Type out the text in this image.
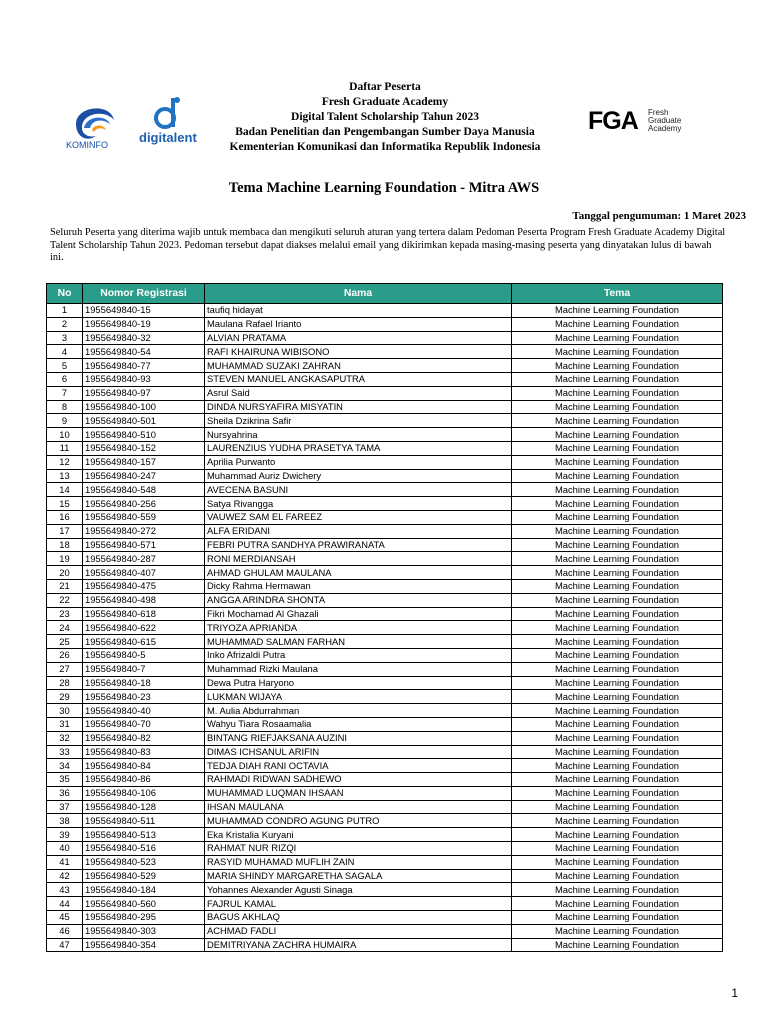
KOMINFO digitalent
Daftar Peserta
Fresh Graduate Academy
Digital Talent Scholarship Tahun 2023
Badan Penelitian dan Pengembangan Sumber Daya Manusia
Kementerian Komunikasi dan Informatika Republik Indonesia
FGA Fresh
Graduate
Academy
Tema Machine Learning Foundation - Mitra AWS
Tanggal pengumuman: 1 Maret 2023
Seluruh Peserta yang diterima wajib untuk membaca dan mengikuti seluruh aturan yang tertera dalam Pedoman Peserta Program Fresh Graduate Academy Digital Talent Scholarship Tahun 2023. Pedoman tersebut dapat diakses melalui email yang dikirimkan kepada masing-masing peserta yang dinyatakan lulus di bawah ini.
No	Nomor Registrasi	Nama	Tema
1	1955649840-15	taufiq hidayat	Machine Learning Foundation
2	1955649840-19	Maulana Rafael Irianto	Machine Learning Foundation
3	1955649840-32	ALVIAN PRATAMA	Machine Learning Foundation
4	1955649840-54	RAFI KHAIRUNA WIBISONO	Machine Learning Foundation
5	1955649840-77	MUHAMMAD SUZAKI ZAHRAN	Machine Learning Foundation
6	1955649840-93	STEVEN MANUEL ANGKASAPUTRA	Machine Learning Foundation
7	1955649840-97	Asrul Said	Machine Learning Foundation
8	1955649840-100	DINDA NURSYAFIRA MISYATIN	Machine Learning Foundation
9	1955649840-501	Sheila Dzikrina Safir	Machine Learning Foundation
10	1955649840-510	Nursyahrina	Machine Learning Foundation
11	1955649840-152	LAURENZIUS YUDHA PRASETYA TAMA	Machine Learning Foundation
12	1955649840-157	Aprilia Purwanto	Machine Learning Foundation
13	1955649840-247	Muhammad Auriz Dwichery	Machine Learning Foundation
14	1955649840-548	AVECENA BASUNI	Machine Learning Foundation
15	1955649840-256	Satya Rivangga	Machine Learning Foundation
16	1955649840-559	VAUWEZ SAM EL FAREEZ	Machine Learning Foundation
17	1955649840-272	ALFA ERIDANI	Machine Learning Foundation
18	1955649840-571	FEBRI PUTRA SANDHYA PRAWIRANATA	Machine Learning Foundation
19	1955649840-287	RONI MERDIANSAH	Machine Learning Foundation
20	1955649840-407	AHMAD GHULAM MAULANA	Machine Learning Foundation
21	1955649840-475	Dicky Rahma Hermawan	Machine Learning Foundation
22	1955649840-498	ANGGA ARINDRA SHONTA	Machine Learning Foundation
23	1955649840-618	Fikri Mochamad Al Ghazali	Machine Learning Foundation
24	1955649840-622	TRIYOZA APRIANDA	Machine Learning Foundation
25	1955649840-615	MUHAMMAD SALMAN FARHAN	Machine Learning Foundation
26	1955649840-5	Inko Afrizaldi Putra	Machine Learning Foundation
27	1955649840-7	Muhammad Rizki Maulana	Machine Learning Foundation
28	1955649840-18	Dewa Putra Haryono	Machine Learning Foundation
29	1955649840-23	LUKMAN WIJAYA	Machine Learning Foundation
30	1955649840-40	M. Aulia Abdurrahman	Machine Learning Foundation
31	1955649840-70	Wahyu Tiara Rosaamalia	Machine Learning Foundation
32	1955649840-82	BINTANG RIEFJAKSANA AUZINI	Machine Learning Foundation
33	1955649840-83	DIMAS ICHSANUL ARIFIN	Machine Learning Foundation
34	1955649840-84	TEDJA DIAH RANI OCTAVIA	Machine Learning Foundation
35	1955649840-86	RAHMADI RIDWAN SADHEWO	Machine Learning Foundation
36	1955649840-106	MUHAMMAD LUQMAN IHSAAN	Machine Learning Foundation
37	1955649840-128	IHSAN MAULANA	Machine Learning Foundation
38	1955649840-511	MUHAMMAD CONDRO AGUNG PUTRO	Machine Learning Foundation
39	1955649840-513	Eka Kristalia Kuryani	Machine Learning Foundation
40	1955649840-516	RAHMAT NUR RIZQI	Machine Learning Foundation
41	1955649840-523	RASYID MUHAMAD MUFLIH ZAIN	Machine Learning Foundation
42	1955649840-529	MARIA SHINDY MARGARETHA SAGALA	Machine Learning Foundation
43	1955649840-184	Yohannes Alexander Agusti Sinaga	Machine Learning Foundation
44	1955649840-560	FAJRUL KAMAL	Machine Learning Foundation
45	1955649840-295	BAGUS AKHLAQ	Machine Learning Foundation
46	1955649840-303	ACHMAD FADLI	Machine Learning Foundation
47	1955649840-354	DEMITRIYANA ZACHRA HUMAIRA	Machine Learning Foundation
1
